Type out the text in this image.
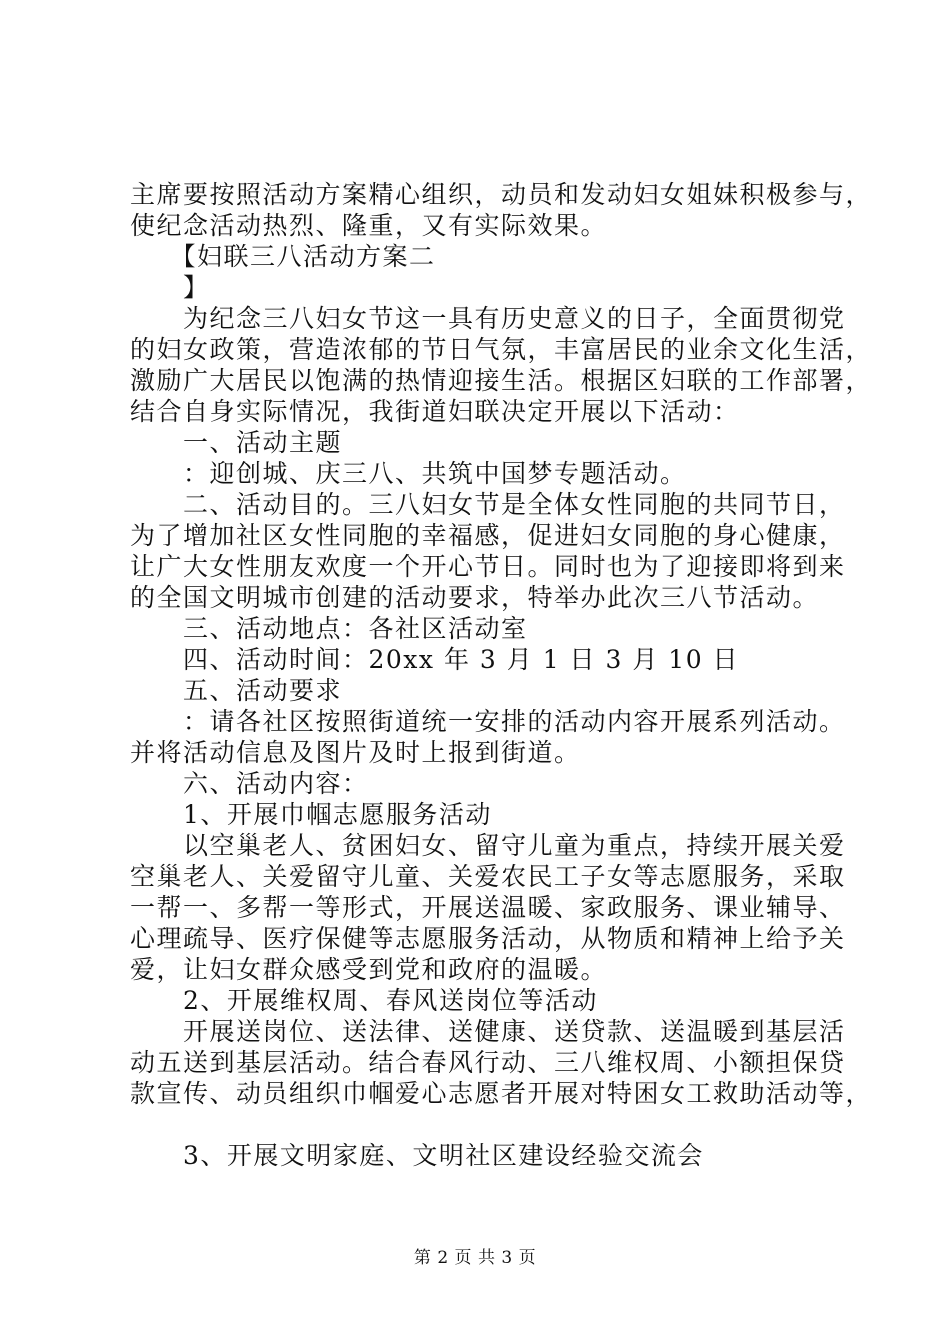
主席要按照活动方案精心组织，动员和发动妇女姐妹积极参与，
使纪念活动热烈、隆重，又有实际效果。
　　【妇联三八活动方案二
　　】
　　为纪念三八妇女节这一具有历史意义的日子，全面贯彻党
的妇女政策，营造浓郁的节日气氛，丰富居民的业余文化生活，
激励广大居民以饱满的热情迎接生活。根据区妇联的工作部署，
结合自身实际情况，我街道妇联决定开展以下活动：
　　一、活动主题
　　：迎创城、庆三八、共筑中国梦专题活动。
　　二、活动目的。三八妇女节是全体女性同胞的共同节日，
为了增加社区女性同胞的幸福感，促进妇女同胞的身心健康，
让广大女性朋友欢度一个开心节日。同时也为了迎接即将到来
的全国文明城市创建的活动要求，特举办此次三八节活动。
　　三、活动地点：各社区活动室
　　四、活动时间：20xx 年 3 月 1 日 3 月 10 日
　　五、活动要求
　　：请各社区按照街道统一安排的活动内容开展系列活动。
并将活动信息及图片及时上报到街道。
　　六、活动内容：
　　1、开展巾帼志愿服务活动
　　以空巢老人、贫困妇女、留守儿童为重点，持续开展关爱
空巢老人、关爱留守儿童、关爱农民工子女等志愿服务，采取
一帮一、多帮一等形式，开展送温暖、家政服务、课业辅导、
心理疏导、医疗保健等志愿服务活动，从物质和精神上给予关
爱，让妇女群众感受到党和政府的温暖。
　　2、开展维权周、春风送岗位等活动
　　开展送岗位、送法律、送健康、送贷款、送温暖到基层活
动五送到基层活动。结合春风行动、三八维权周、小额担保贷
款宣传、动员组织巾帼爱心志愿者开展对特困女工救助活动等，
　　3、开展文明家庭、文明社区建设经验交流会
第 2 页 共 3 页
